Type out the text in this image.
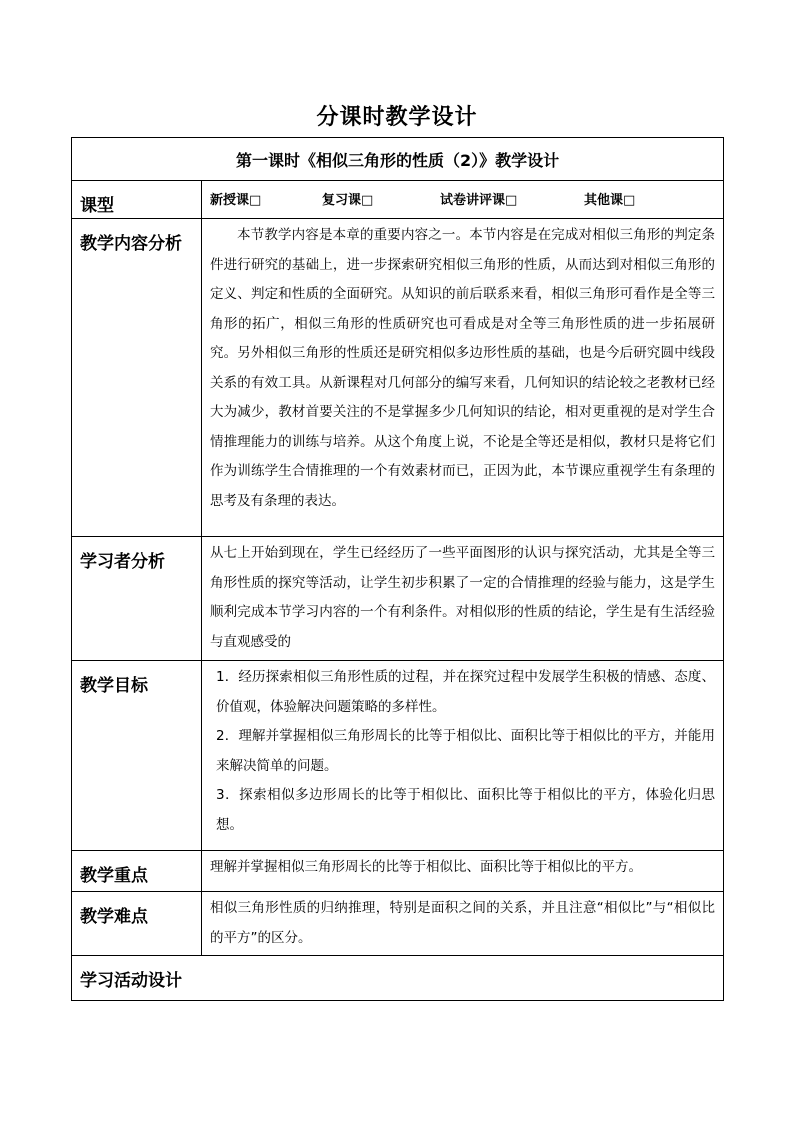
分课时教学设计
第一课时《相似三角形的性质（2）》教学设计	
课型	新授课□ 复习课□ 试卷讲评课□ 其他课□

教学内容分析	本节教学内容是本章的重要内容之一。本节内容是在完成对相似三角形的判定条件进行研究的基础上，进一步探索研究相似三角形的性质，从而达到对相似三角形的定义、判定和性质的全面研究。从知识的前后联系来看，相似三角形可看作是全等三角形的拓广，相似三角形的性质研究也可看成是对全等三角形性质的进一步拓展研究。另外相似三角形的性质还是研究相似多边形性质的基础，也是今后研究圆中线段关系的有效工具。从新课程对几何部分的编写来看，几何知识的结论较之老教材已经大为减少，教材首要关注的不是掌握多少几何知识的结论，相对更重视的是对学生合情推理能力的训练与培养。从这个角度上说，不论是全等还是相似，教材只是将它们作为训练学生合情推理的一个有效素材而已，正因为此，本节课应重视学生有条理的思考及有条理的表达。
学习者分析	从七上开始到现在，学生已经经历了一些平面图形的认识与探究活动，尤其是全等三角形性质的探究等活动，让学生初步积累了一定的合情推理的经验与能力，这是学生顺利完成本节学习内容的一个有利条件。对相似形的性质的结论，学生是有生活经验与直观感受的
教学目标	1．经历探索相似三角形性质的过程，并在探究过程中发展学生积极的情感、态度、价值观，体验解决问题策略的多样性。

2．理解并掌握相似三角形周长的比等于相似比、面积比等于相似比的平方，并能用来解决简单的问题。

3．探索相似多边形周长的比等于相似比、面积比等于相似比的平方，体验化归思想。

教学重点	理解并掌握相似三角形周长的比等于相似比、面积比等于相似比的平方。
教学难点	相似三角形性质的归纳推理，特别是面积之间的关系，并且注意“相似比”与“相似比的平方”的区分。
学习活动设计	
